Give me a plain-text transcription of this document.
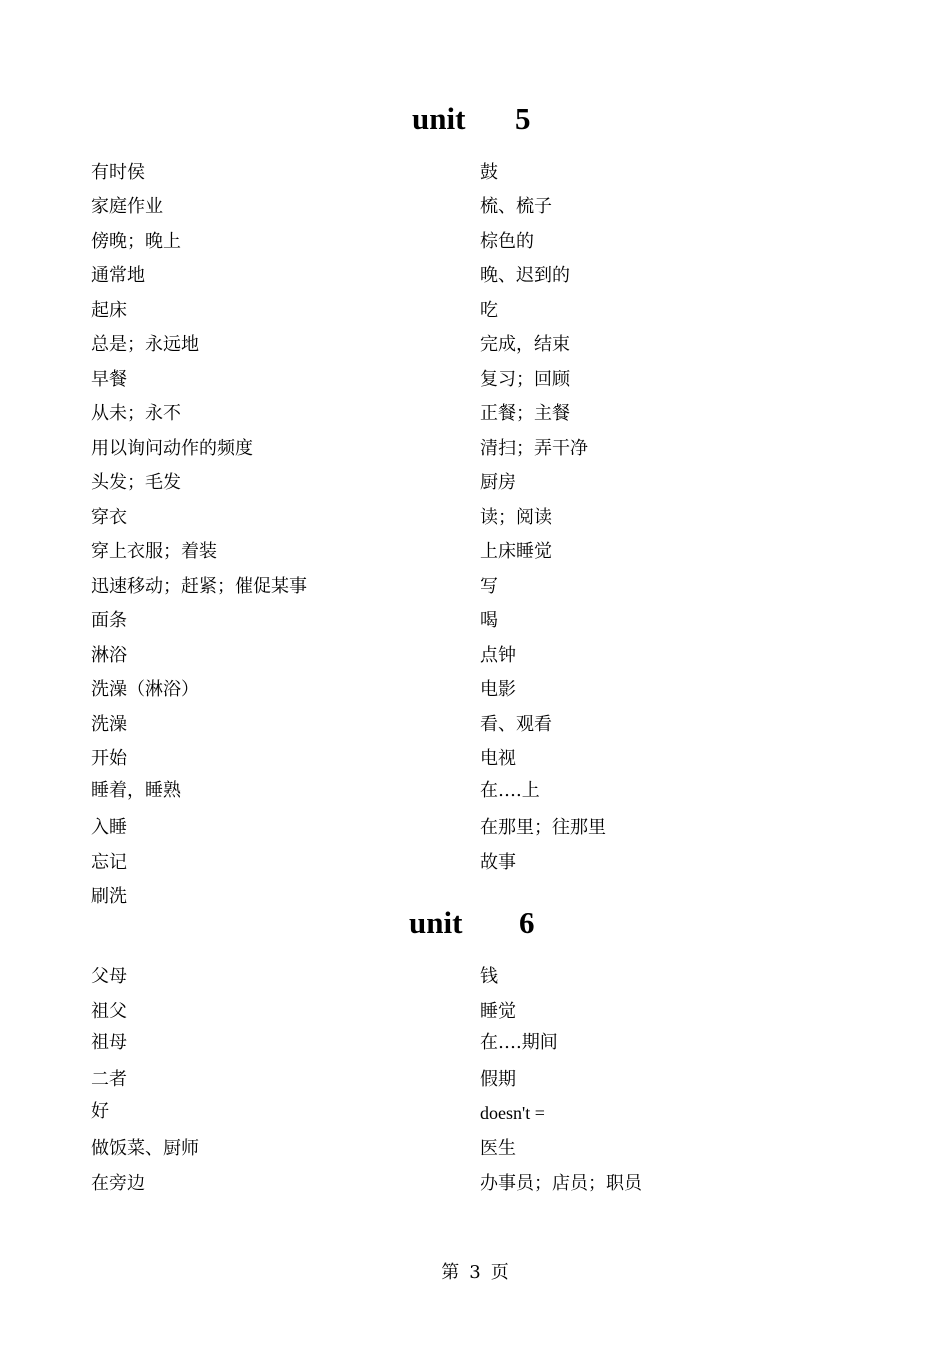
unit

5

有时侯
家庭作业
傍晚；晚上
通常地
起床
总是；永远地
早餐
从未；永不
用以询问动作的频度
头发；毛发
穿衣
穿上衣服；着装
迅速移动；赶紧；催促某事
面条
淋浴
洗澡（淋浴）
洗澡
开始
睡着，睡熟
入睡
忘记
刷洗
鼓
梳、梳子
棕色的
晚、迟到的
吃
完成，结束
复习；回顾
正餐；主餐
清扫；弄干净
厨房
读；阅读
上床睡觉
写
喝
点钟
电影
看、观看
电视
在….上
在那里；往那里
故事

unit

6

父母
祖父
祖母
二者
好
做饭菜、厨师
在旁边
钱
睡觉
在….期间
假期
doesn't =
医生
办事员；店员；职员
第 3 页
